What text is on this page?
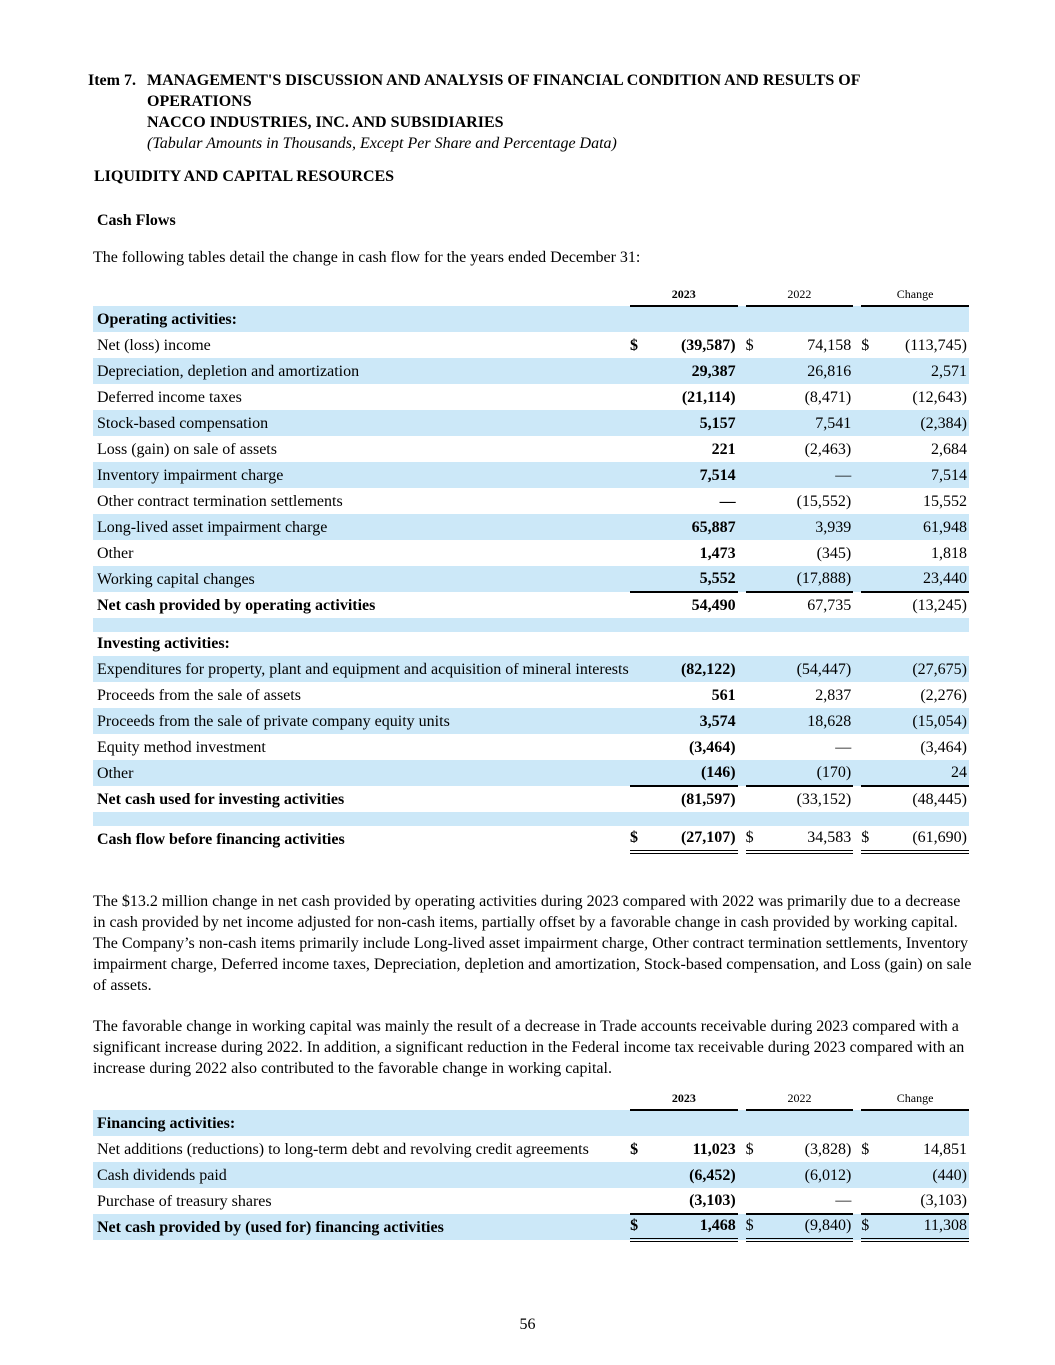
Item 7. MANAGEMENT'S DISCUSSION AND ANALYSIS OF FINANCIAL CONDITION AND RESULTS OF
OPERATIONS
NACCO INDUSTRIES, INC. AND SUBSIDIARIES
(Tabular Amounts in Thousands, Except Per Share and Percentage Data)
LIQUIDITY AND CAPITAL RESOURCES
Cash Flows
The following tables detail the change in cash flow for the years ended December 31:
	2023			2022			Change	
Operating activities:								
Net (loss) income	$	(39,587)		$	74,158		$	(113,745)
Depreciation, depletion and amortization		29,387			26,816			2,571
Deferred income taxes		(21,114)			(8,471)			(12,643)
Stock-based compensation		5,157			7,541			(2,384)
Loss (gain) on sale of assets		221			(2,463)			2,684
Inventory impairment charge		7,514			—			7,514
Other contract termination settlements		—			(15,552)			15,552
Long-lived asset impairment charge		65,887			3,939			61,948
Other		1,473			(345)			1,818
Working capital changes		5,552			(17,888)			23,440
Net cash provided by operating activities		54,490			67,735			(13,245)

Investing activities:								
Expenditures for property, plant and equipment and acquisition of mineral interests		(82,122)			(54,447)			(27,675)
Proceeds from the sale of assets		561			2,837			(2,276)
Proceeds from the sale of private company equity units		3,574			18,628			(15,054)
Equity method investment		(3,464)			—			(3,464)
Other		(146)			(170)			24
Net cash used for investing activities		(81,597)			(33,152)			(48,445)

Cash flow before financing activities	$	(27,107)		$	34,583		$	(61,690)
The $13.2 million change in net cash provided by operating activities during 2023 compared with 2022 was primarily due to a decrease in cash provided by net income adjusted for non-cash items, partially offset by a favorable change in cash provided by working capital. The Company’s non-cash items primarily include Long-lived asset impairment charge, Other contract termination settlements, Inventory impairment charge, Deferred income taxes, Depreciation, depletion and amortization, Stock-based compensation, and Loss (gain) on sale of assets.
The favorable change in working capital was mainly the result of a decrease in Trade accounts receivable during 2023 compared with a significant increase during 2022. In addition, a significant reduction in the Federal income tax receivable during 2023 compared with an increase during 2022 also contributed to the favorable change in working capital.
	2023			2022			Change	
Financing activities:								
Net additions (reductions) to long-term debt and revolving credit agreements	$	11,023		$	(3,828)		$	14,851
Cash dividends paid		(6,452)			(6,012)			(440)
Purchase of treasury shares		(3,103)			—			(3,103)
Net cash provided by (used for) financing activities	$	1,468		$	(9,840)		$	11,308
56
